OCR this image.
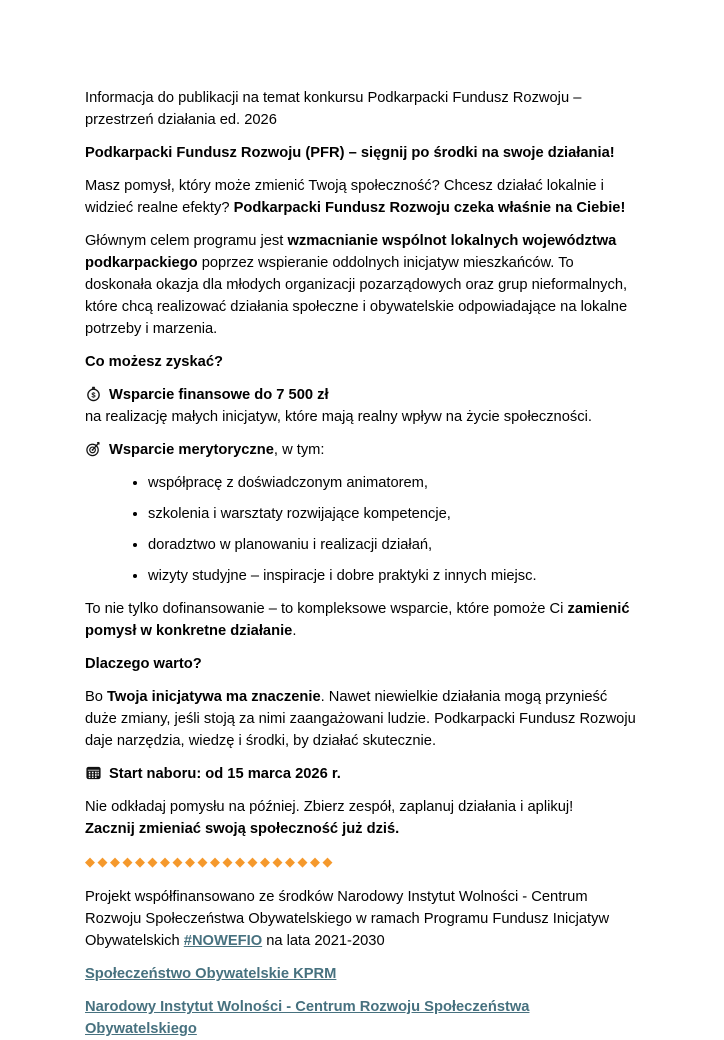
Informacja do publikacji na temat konkursu Podkarpacki Fundusz Rozwoju – przestrzeń działania ed. 2026

Podkarpacki Fundusz Rozwoju (PFR) – sięgnij po środki na swoje działania!

Masz pomysł, który może zmienić Twoją społeczność? Chcesz działać lokalnie i widzieć realne efekty? Podkarpacki Fundusz Rozwoju czeka właśnie na Ciebie!

Głównym celem programu jest wzmacnianie wspólnot lokalnych województwa podkarpackiego poprzez wspieranie oddolnych inicjatyw mieszkańców. To doskonała okazja dla młodych organizacji pozarządowych oraz grup nieformalnych, które chcą realizować działania społeczne i obywatelskie odpowiadające na lokalne potrzeby i marzenia.

Co możesz zyskać?

$ Wsparcie finansowe do 7 500 zł
na realizację małych inicjatyw, które mają realny wpływ na życie społeczności.

Wsparcie merytoryczne, w tym:

• współpracę z doświadczonym animatorem,
• szkolenia i warsztaty rozwijające kompetencje,
• doradztwo w planowaniu i realizacji działań,
• wizyty studyjne – inspiracje i dobre praktyki z innych miejsc.

To nie tylko dofinansowanie – to kompleksowe wsparcie, które pomoże Ci zamienić pomysł w konkretne działanie.

Dlaczego warto?

Bo Twoja inicjatywa ma znaczenie. Nawet niewielkie działania mogą przynieść duże zmiany, jeśli stoją za nimi zaangażowani ludzie. Podkarpacki Fundusz Rozwoju daje narzędzia, wiedzę i środki, by działać skutecznie.

Start naboru: od 15 marca 2026 r.

Nie odkładaj pomysłu na później. Zbierz zespół, zaplanuj działania i aplikuj!
Zacznij zmieniać swoją społeczność już dziś.

◆◆◆◆◆◆◆◆◆◆◆◆◆◆◆◆◆◆◆◆

Projekt współfinansowano ze środków Narodowy Instytut Wolności - Centrum Rozwoju Społeczeństwa Obywatelskiego w ramach Programu Fundusz Inicjatyw Obywatelskich #NOWEFIO na lata 2021-2030

Społeczeństwo Obywatelskie KPRM

Narodowy Instytut Wolności - Centrum Rozwoju Społeczeństwa Obywatelskiego
